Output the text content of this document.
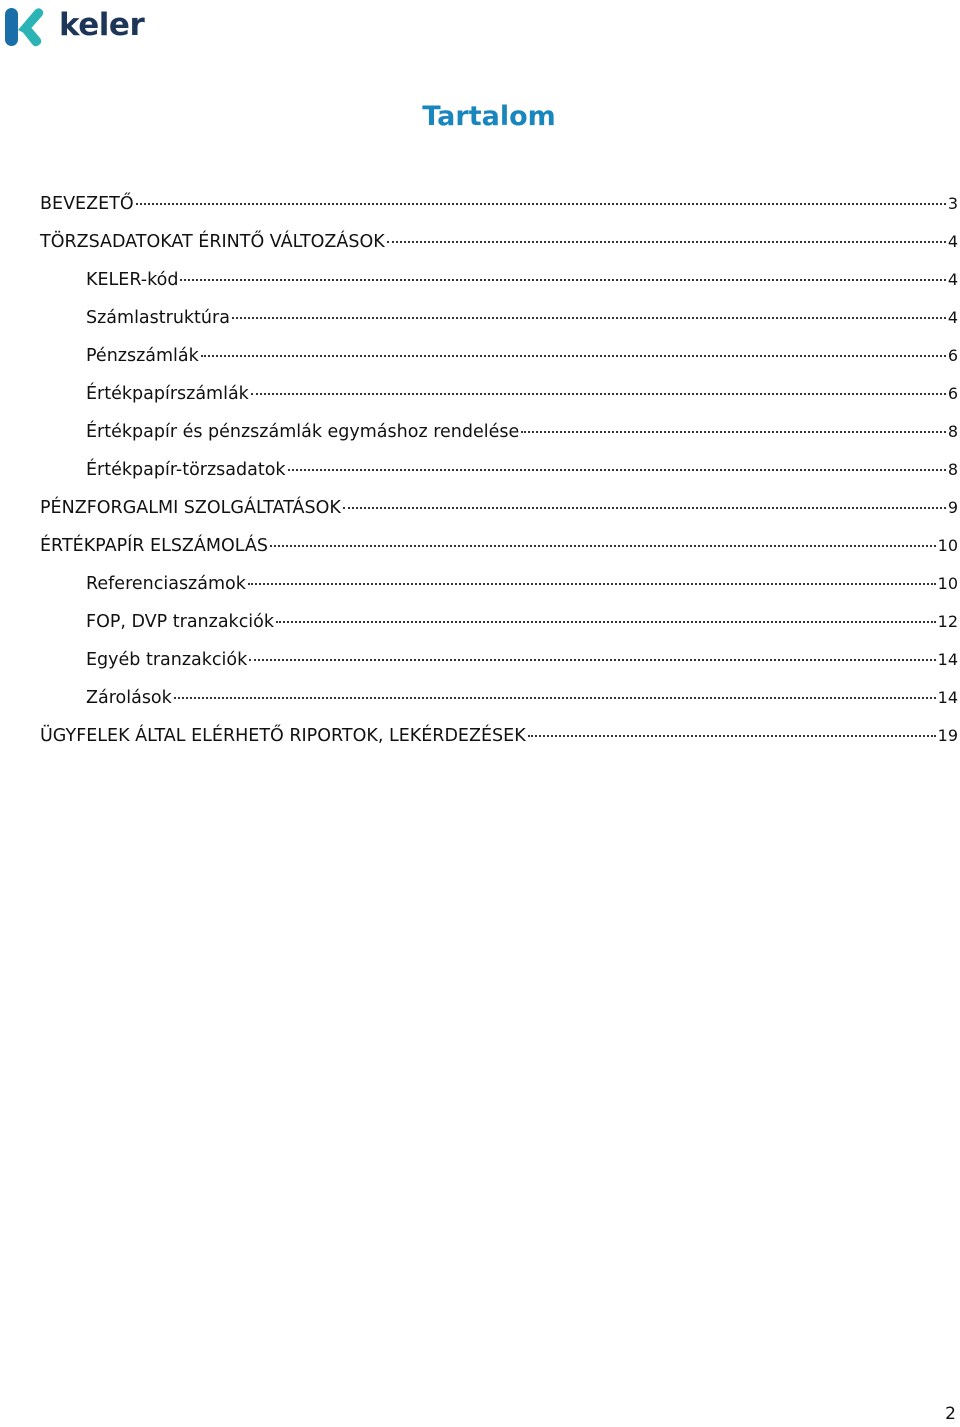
keler
Tartalom
BEVEZETŐ	3
TÖRZSADATOKAT ÉRINTŐ VÁLTOZÁSOK	4
KELER-kód	4
Számlastruktúra	4
Pénzszámlák	6
Értékpapírszámlák	6
Értékpapír és pénzszámlák egymáshoz rendelése	8
Értékpapír-törzsadatok	8
PÉNZFORGALMI SZOLGÁLTATÁSOK	9
ÉRTÉKPAPÍR ELSZÁMOLÁS	10
Referenciaszámok	10
FOP, DVP tranzakciók	12
Egyéb tranzakciók	14
Zárolások	14
ÜGYFELEK ÁLTAL ELÉRHETŐ RIPORTOK, LEKÉRDEZÉSEK	19
2
